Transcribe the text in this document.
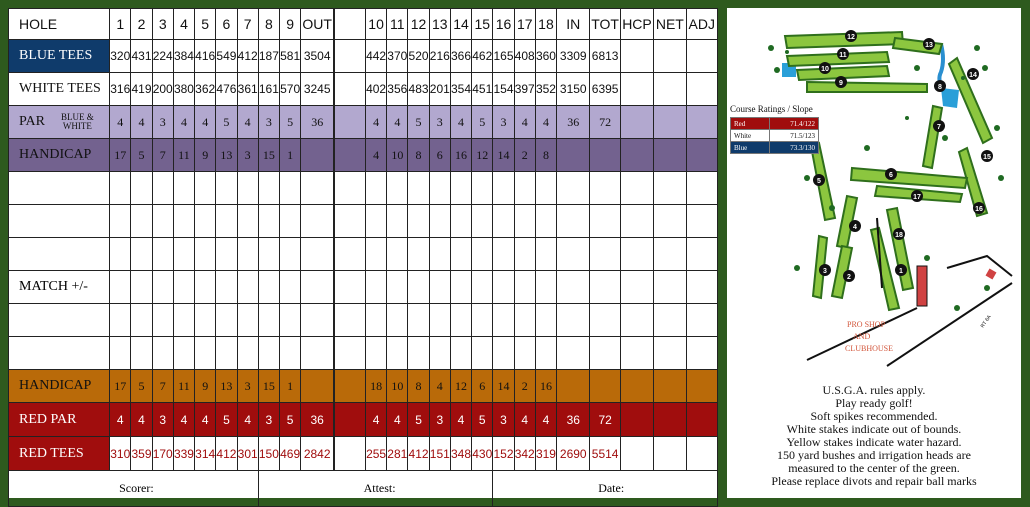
HOLE	1	2	3	4	5	6	7	8	9	OUT		10	11	12	13	14	15	16	17	18	IN	TOT	HCP	NET	ADJ
BLUE TEES	320	431	224	384	416	549	412	187	581	3504		442	370	520	216	366	462	165	408	360	3309	6813			
WHITE TEES	316	419	200	380	362	476	361	161	570	3245		402	356	483	201	354	451	154	397	352	3150	6395			

PAR BLUE &
WHITE	4	4	3	4	4	5	4	3	5	36		4	4	5	3	4	5	3	4	4	36	72			
HANDICAP	17	5	7	11	9	13	3	15	1			4	10	8	6	16	12	14	2	8					

MATCH +/-																									

HANDICAP	17	5	7	11	9	13	3	15	1			18	10	8	4	12	6	14	2	16					
RED PAR	4	4	3	4	4	5	4	3	5	36		4	4	5	3	4	5	3	4	4	36	72			
RED TEES	310	359	170	339	314	412	301	150	469	2842		255	281	412	151	348	430	152	342	319	2690	5514			
Scorer:								Attest:										Date:							
1
2
3
4
5
6
7
8
9
10
11
12
13
14
15
16
17
18
PRO SHOP
AND
CLUBHOUSE
RT 6A
Course Ratings / Slope
Red	71.4/122
White	71.5/123
Blue	73.3/130
U.S.G.A. rules apply.
Play ready golf!
Soft spikes recommended.
White stakes indicate out of bounds.
Yellow stakes indicate water hazard.
150 yard bushes and irrigation heads are
measured to the center of the green.
Please replace divots and repair ball marks
